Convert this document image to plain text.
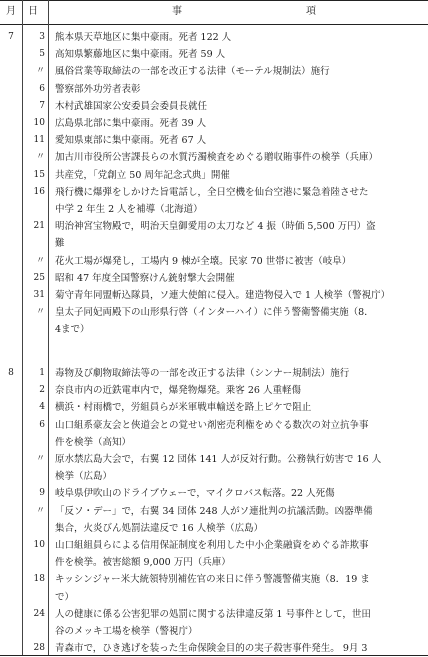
月 日	事	項
7	3 熊本県天草地区に集中豪雨。死者 122 人
5 高知県繁藤地区に集中豪雨。死者 59 人
〃 風俗営業等取締法の一部を改正する法律（モーテル規制法）施行
6 警察部外功労者表彰
7 木村武雄国家公安委員会委員長就任
10 広島県北部に集中豪雨。死者 39 人
11 愛知県東部に集中豪雨。死者 67 人
〃 加古川市役所公害課長らの水質汚濁検査をめぐる贈収賄事件の検挙（兵庫）
15 共産党，「党創立 50 周年記念式典」開催
16 飛行機に爆弾をしかけた旨電話し，全日空機を仙台空港に緊急着陸させた
中学 2 年生 2 人を補導（北海道）
21 明治神宮宝物殿で，明治天皇御愛用の太刀など 4 振（時価 5,500 万円）盗
難
〃 花火工場が爆発し，工場内 9 棟が全壊。民家 70 世帯に被害（岐阜）
25 昭和 47 年度全国警察けん銃射撃大会開催
31 菊守青年同盟斬込隊員，ソ連大使館に侵入。建造物侵入で 1 人検挙（警視庁）
〃 皇太子同妃両殿下の山形県行啓（インターハイ）に伴う警衛警備実施（8．
4まで）
8	1 毒物及び劇物取締法等の一部を改正する法律（シンナー規制法）施行
2 奈良市内の近鉄電車内で，爆発物爆発。乗客 26 人重軽傷
4 横浜・村雨橋で，労組員らが米軍戦車輸送を路上ピケで阻止
6 山口組系豪友会と俠道会との覚せい剤密売利権をめぐる数次の対立抗争事
件を検挙（高知）
〃 原水禁広島大会で，右翼 12 団体 141 人が反対行動。公務執行妨害で 16 人
検挙（広島）
9 岐阜県伊吹山のドライブウェーで，マイクロバス転落。22 人死傷
〃 「反ソ・デー」で，右翼 34 団体 248 人がソ連批判の抗議活動。凶器準備
集合，火炎びん処罰法違反で 16 人検挙（広島）
10 山口組組員らによる信用保証制度を利用した中小企業融資をめぐる詐欺事
件を検挙。被害総額 9,000 万円（兵庫）
18 キッシンジャー米大統領特別補佐官の来日に伴う警護警備実施（8．19 ま
で）
24 人の健康に係る公害犯罪の処罰に関する法律違反第 1 号事件として，世田
谷のメッキ工場を検挙（警視庁）
28 青森市で，ひき逃げを装った生命保険金目的の実子殺害事件発生。 9月 3
